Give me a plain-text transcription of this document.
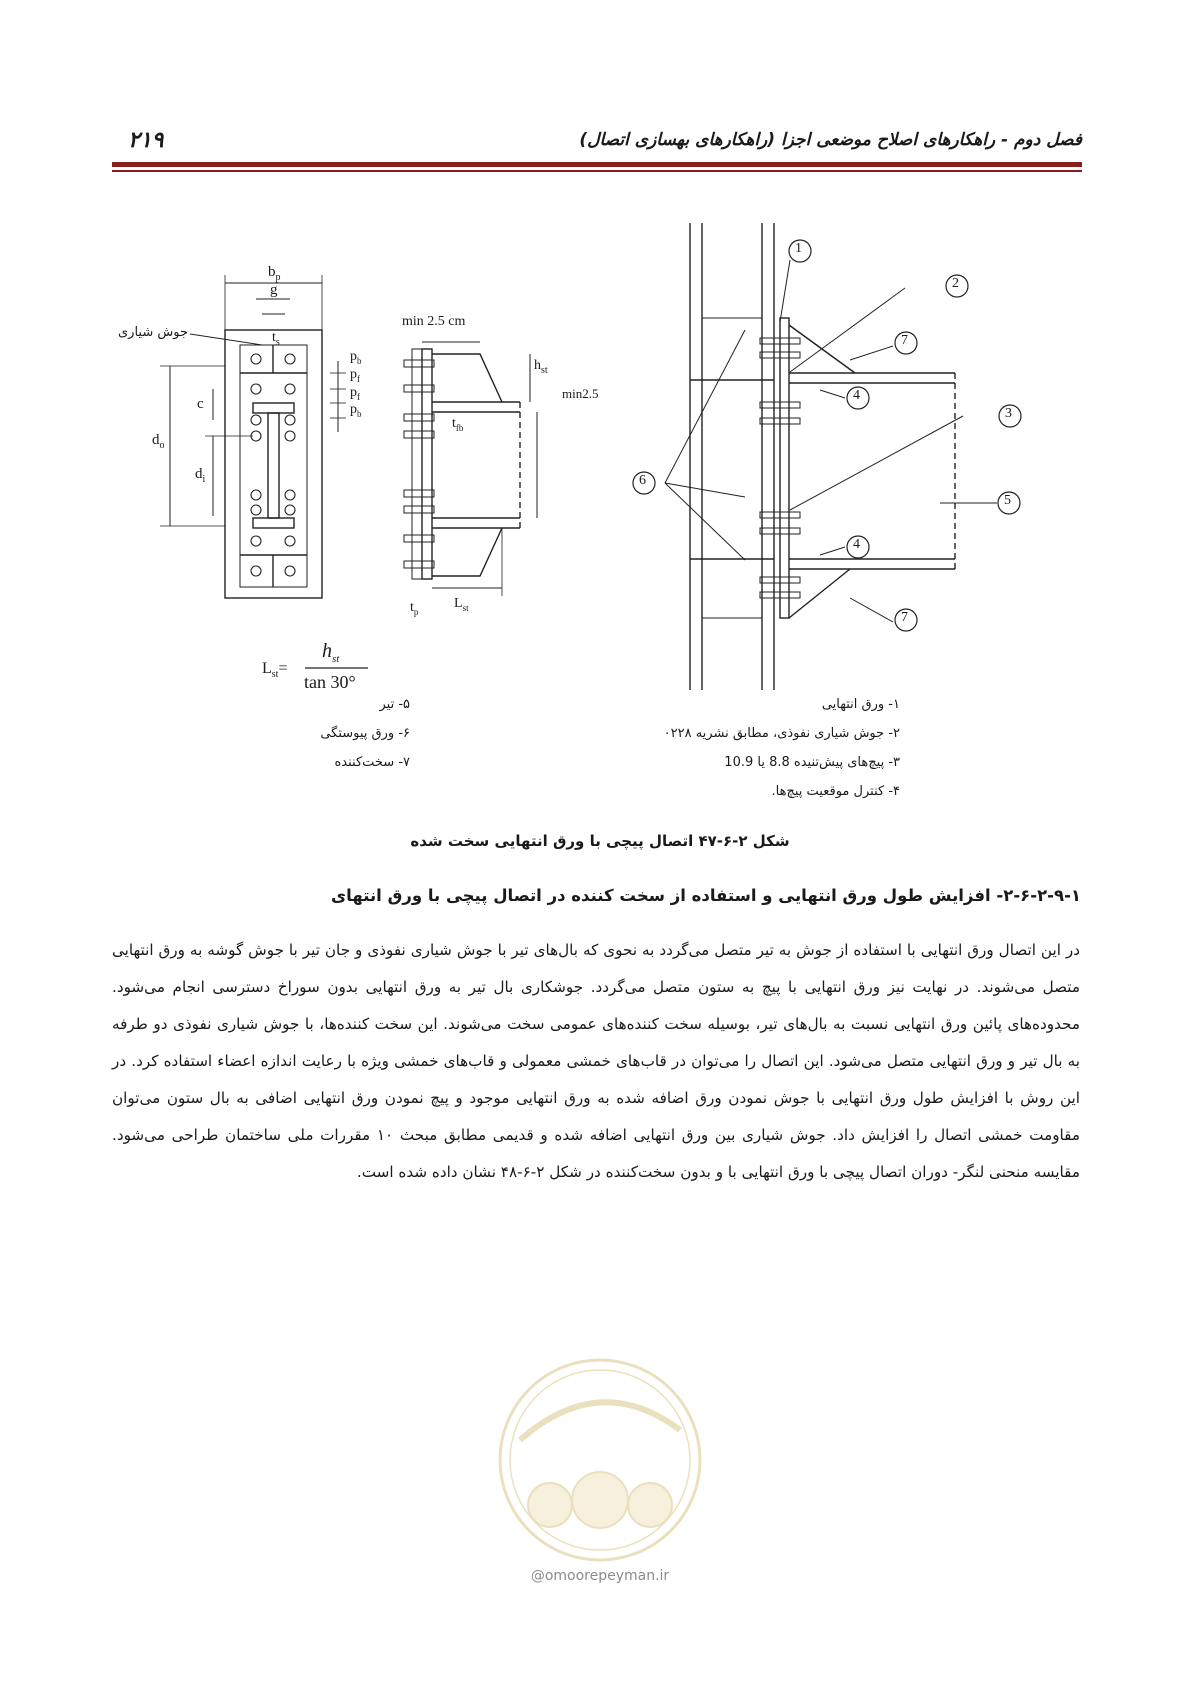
۲۱۹	فصل دوم - راهکارهای اصلاح موضعی اجزا (راهکارهای بهسازی اتصال)
جوش شیاری
$b_p$
g
$t_s$
$p_b$
$p_f$
$p_f$
$p_b$
c
$d_o$
$d_i$
min 2.5 cm
$h_{st}$
min2.5
$t_{fb}$
$t_p$
$L_{st}$
$L_{st}=$
$h_{st}$
tan 30°
1
2
3
4
4
5
6
7
7
۱- ورق انتهایی
۲- جوش شیاری نفوذی، مطابق نشریه ۰۲۲۸
۳- پیچ‌های پیش‌تنیده 8.8 یا 10.9
۴- کنترل موقعیت پیچ‌ها.
۵- تیر
۶- ورق پیوستگی
۷- سخت‌کننده
شکل ۲-۶-۴۷ اتصال پیچی با ورق انتهایی سخت شده
۲-۶-۲-۹-۱- افزایش طول ورق انتهایی و استفاده از سخت کننده در اتصال پیچی با ورق انتهای
در این اتصال ورق انتهایی با استفاده از جوش به تیر متصل می‌گردد به نحوی که بال‌های تیر با جوش شیاری نفوذی و جان تیر با جوش گوشه به ورق انتهایی متصل می‌شوند. در نهایت نیز ورق انتهایی با پیچ به ستون متصل می‌گردد. جوشکاری بال تیر به ورق انتهایی بدون سوراخ دسترسی انجام می‌شود. محدوده‌های پائین ورق انتهایی نسبت به بال‌های تیر، بوسیله سخت کننده‌های عمومی سخت می‌شوند. این سخت کننده‌ها، با جوش شیاری نفوذی دو طرفه به بال تیر و ورق انتهایی متصل می‌شود. این اتصال را می‌توان در قاب‌های خمشی معمولی و قاب‌های خمشی ویژه با رعایت اندازه اعضاء استفاده کرد. در این روش با افزایش طول ورق انتهایی با جوش نمودن ورق اضافه شده به ورق انتهایی موجود و پیچ نمودن ورق انتهایی اضافی به بال ستون می‌توان مقاومت خمشی اتصال را افزایش داد. جوش شیاری بین ورق انتهایی اضافه شده و قدیمی مطابق مبحث ۱۰ مقررات ملی ساختمان طراحی می‌شود. مقایسه منحنی لنگر- دوران اتصال پیچی با ورق انتهایی با و بدون سخت‌کننده در شکل ۲-۶-۴۸ نشان داده شده است.
@omoorepeyman.ir
